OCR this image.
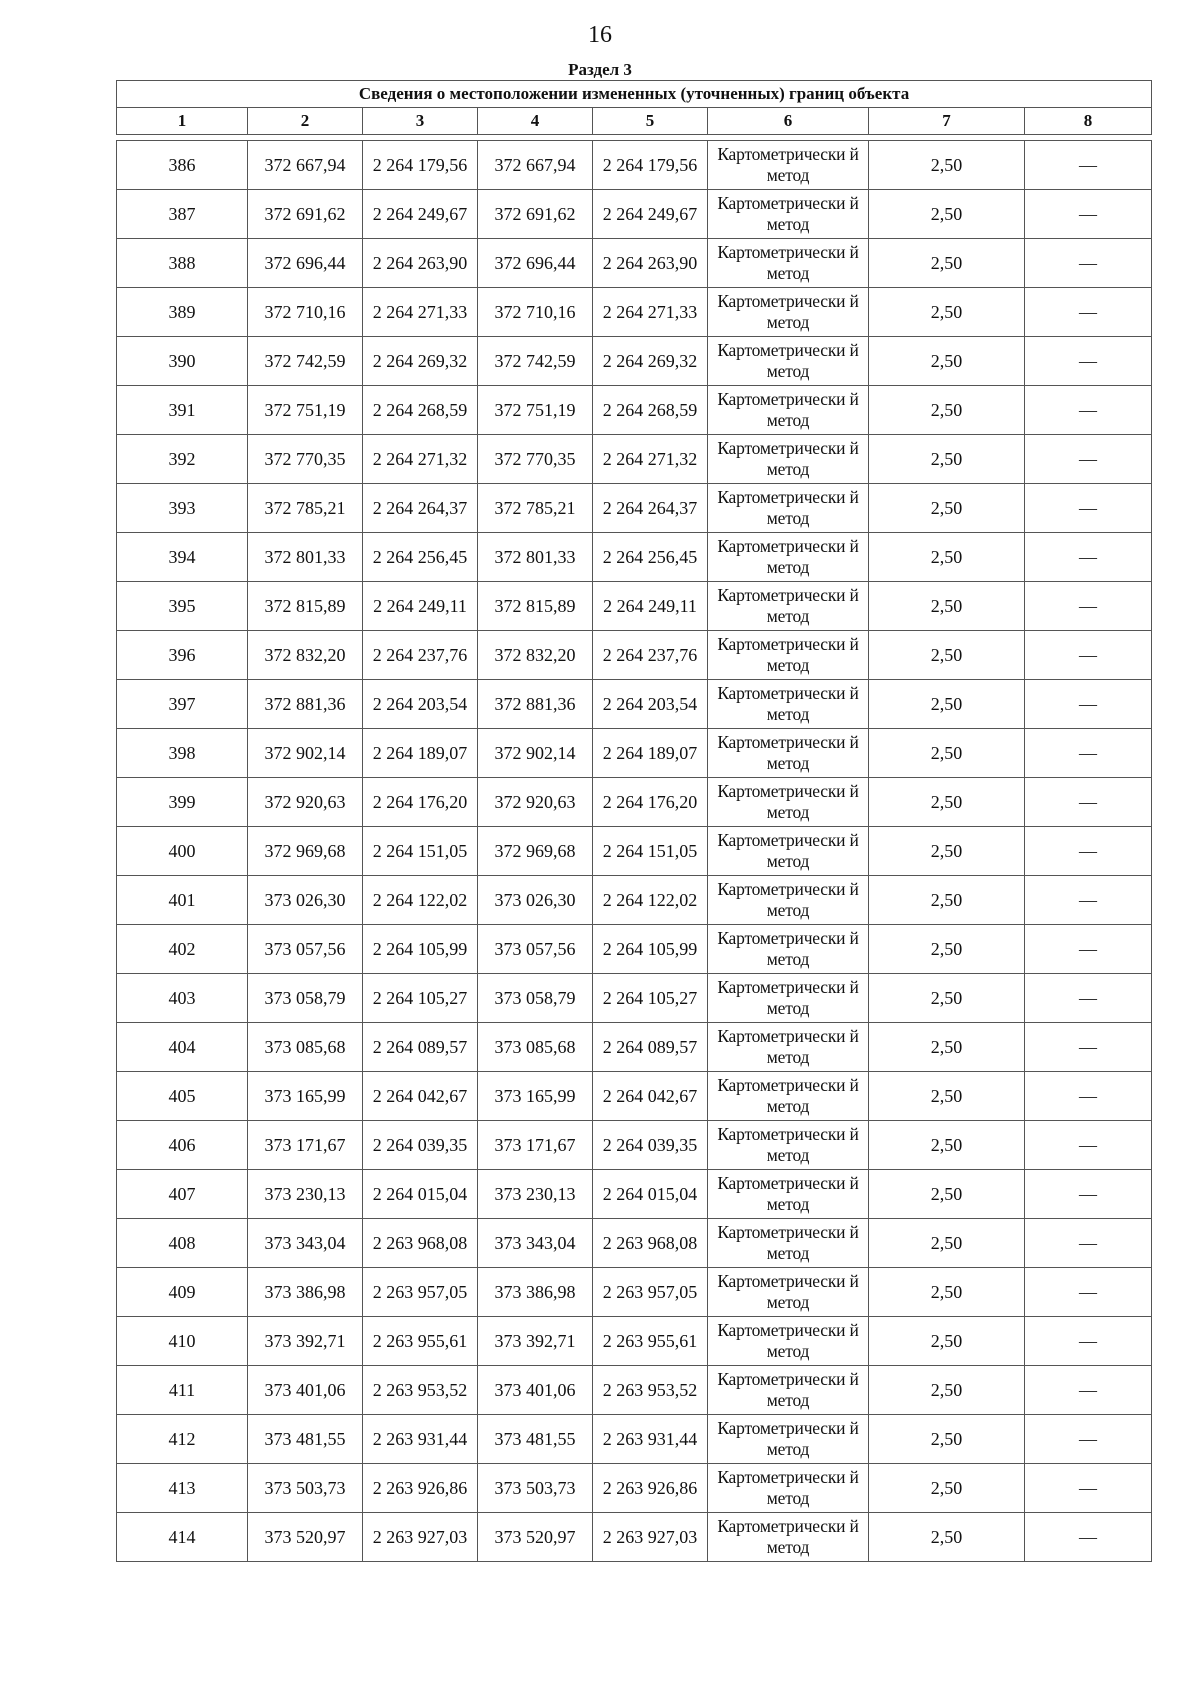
16
Раздел 3
Сведения о местоположении измененных (уточненных) границ объекта							
1	2	3	4	5	6	7	8

386	372 667,94	2 264 179,56	372 667,94	2 264 179,56	Картометрически й метод	2,50	—
387	372 691,62	2 264 249,67	372 691,62	2 264 249,67	Картометрически й метод	2,50	—
388	372 696,44	2 264 263,90	372 696,44	2 264 263,90	Картометрически й метод	2,50	—
389	372 710,16	2 264 271,33	372 710,16	2 264 271,33	Картометрически й метод	2,50	—
390	372 742,59	2 264 269,32	372 742,59	2 264 269,32	Картометрически й метод	2,50	—
391	372 751,19	2 264 268,59	372 751,19	2 264 268,59	Картометрически й метод	2,50	—
392	372 770,35	2 264 271,32	372 770,35	2 264 271,32	Картометрически й метод	2,50	—
393	372 785,21	2 264 264,37	372 785,21	2 264 264,37	Картометрически й метод	2,50	—
394	372 801,33	2 264 256,45	372 801,33	2 264 256,45	Картометрически й метод	2,50	—
395	372 815,89	2 264 249,11	372 815,89	2 264 249,11	Картометрически й метод	2,50	—
396	372 832,20	2 264 237,76	372 832,20	2 264 237,76	Картометрически й метод	2,50	—
397	372 881,36	2 264 203,54	372 881,36	2 264 203,54	Картометрически й метод	2,50	—
398	372 902,14	2 264 189,07	372 902,14	2 264 189,07	Картометрически й метод	2,50	—
399	372 920,63	2 264 176,20	372 920,63	2 264 176,20	Картометрически й метод	2,50	—
400	372 969,68	2 264 151,05	372 969,68	2 264 151,05	Картометрически й метод	2,50	—
401	373 026,30	2 264 122,02	373 026,30	2 264 122,02	Картометрически й метод	2,50	—
402	373 057,56	2 264 105,99	373 057,56	2 264 105,99	Картометрически й метод	2,50	—
403	373 058,79	2 264 105,27	373 058,79	2 264 105,27	Картометрически й метод	2,50	—
404	373 085,68	2 264 089,57	373 085,68	2 264 089,57	Картометрически й метод	2,50	—
405	373 165,99	2 264 042,67	373 165,99	2 264 042,67	Картометрически й метод	2,50	—
406	373 171,67	2 264 039,35	373 171,67	2 264 039,35	Картометрически й метод	2,50	—
407	373 230,13	2 264 015,04	373 230,13	2 264 015,04	Картометрически й метод	2,50	—
408	373 343,04	2 263 968,08	373 343,04	2 263 968,08	Картометрически й метод	2,50	—
409	373 386,98	2 263 957,05	373 386,98	2 263 957,05	Картометрически й метод	2,50	—
410	373 392,71	2 263 955,61	373 392,71	2 263 955,61	Картометрически й метод	2,50	—
411	373 401,06	2 263 953,52	373 401,06	2 263 953,52	Картометрически й метод	2,50	—
412	373 481,55	2 263 931,44	373 481,55	2 263 931,44	Картометрически й метод	2,50	—
413	373 503,73	2 263 926,86	373 503,73	2 263 926,86	Картометрически й метод	2,50	—
414	373 520,97	2 263 927,03	373 520,97	2 263 927,03	Картометрически й метод	2,50	—
